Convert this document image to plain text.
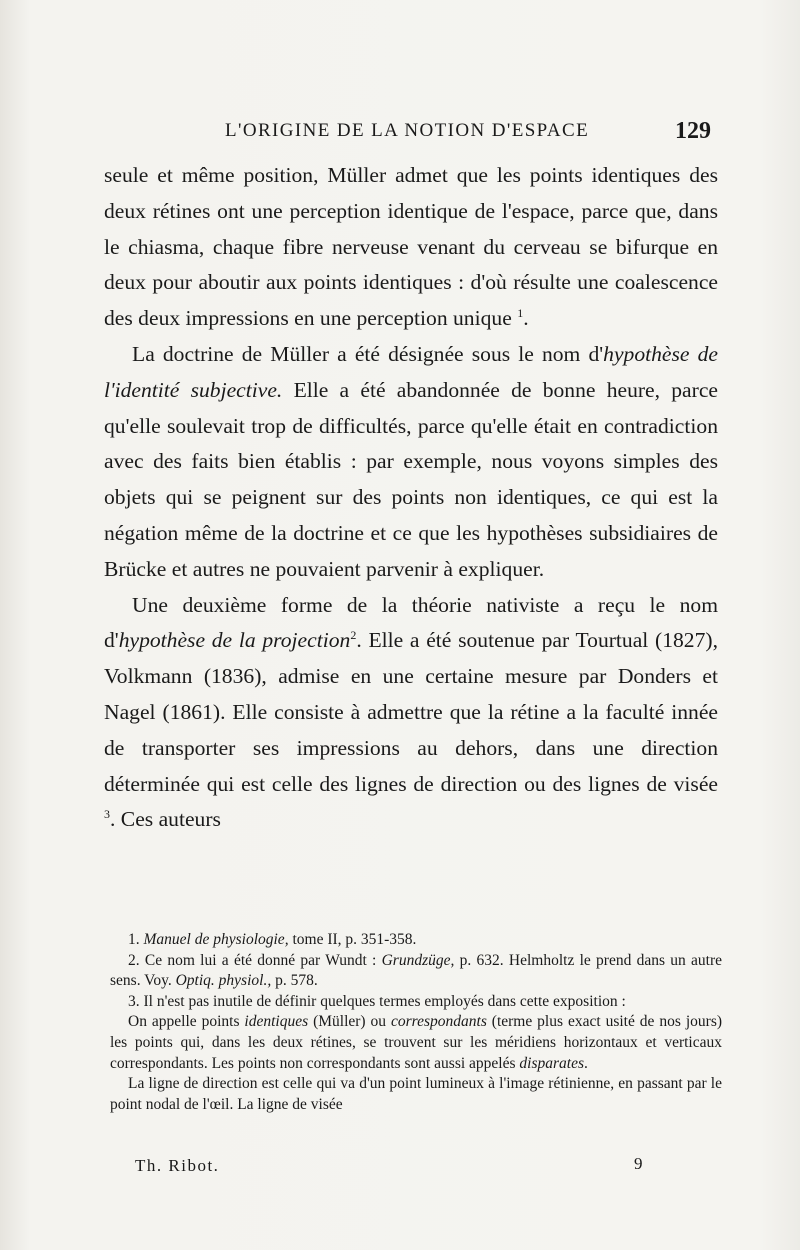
L'ORIGINE DE LA NOTION D'ESPACE	129

seule et même position, Müller admet que les points identiques des deux rétines ont une perception identique de l'espace, parce que, dans le chiasma, chaque fibre nerveuse venant du cerveau se bifurque en deux pour aboutir aux points identiques : d'où résulte une coalescence des deux impressions en une perception unique $^1$.

La doctrine de Müller a été désignée sous le nom d'hypothèse de l'identité subjective. Elle a été abandonnée de bonne heure, parce qu'elle soulevait trop de difficultés, parce qu'elle était en contradiction avec des faits bien établis : par exemple, nous voyons simples des objets qui se peignent sur des points non identiques, ce qui est la négation même de la doctrine et ce que les hypothèses subsidiaires de Brücke et autres ne pouvaient parvenir à expliquer.

Une deuxième forme de la théorie nativiste a reçu le nom d'hypothèse de la projection$^2$. Elle a été soutenue par Tourtual (1827), Volkmann (1836), admise en une certaine mesure par Donders et Nagel (1861). Elle consiste à admettre que la rétine a la faculté innée de transporter ses impressions au dehors, dans une direction déterminée qui est celle des lignes de direction ou des lignes de visée $^3$. Ces auteurs

1. Manuel de physiologie, tome II, p. 351-358.

2. Ce nom lui a été donné par Wundt : Grundzüge, p. 632. Helmholtz le prend dans un autre sens. Voy. Optiq. physiol., p. 578.

3. Il n'est pas inutile de définir quelques termes employés dans cette exposition :

On appelle points identiques (Müller) ou correspondants (terme plus exact usité de nos jours) les points qui, dans les deux rétines, se trouvent sur les méridiens horizontaux et verticaux correspondants. Les points non correspondants sont aussi appelés disparates.

La ligne de direction est celle qui va d'un point lumineux à l'image rétinienne, en passant par le point nodal de l'œil. La ligne de visée

Th. Ribot.	9
